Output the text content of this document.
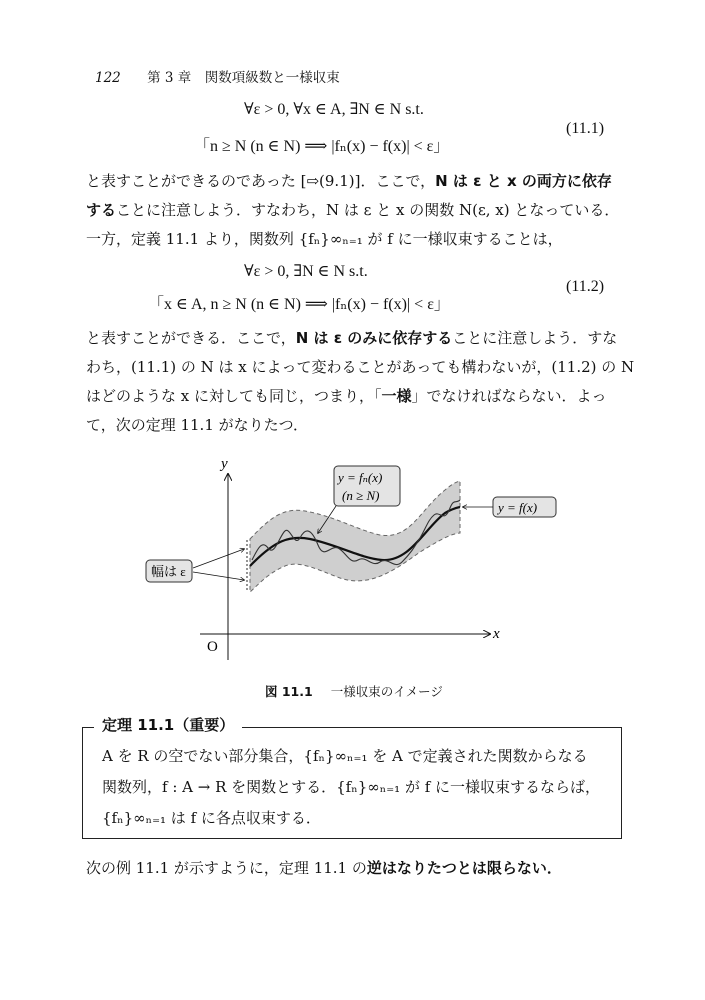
122 第 3 章　関数項級数と一様収束
∀ε > 0, ∀x ∈ A, ∃N ∈ N s.t.
「n ≥ N (n ∈ N) ⟹ |fₙ(x) − f(x)| < ε」
(11.1)

と表すことができるのであった [⇨(9.1)]．ここで，N は ε と x の両方に依存

することに注意しよう．すなわち，N は ε と x の関数 N(ε, x) となっている．

一方，定義 11.1 より，関数列 {fₙ}∞ₙ₌₁ が f に一様収束することは，

∀ε > 0, ∃N ∈ N s.t.
「x ∈ A, n ≥ N (n ∈ N) ⟹ |fₙ(x) − f(x)| < ε」
(11.2)

と表すことができる．ここで，N は ε のみに依存することに注意しよう．すな

わち，(11.1) の N は x によって変わることがあっても構わないが，(11.2) の N

はどのような x に対しても同じ，つまり，「一様」でなければならない．よっ

て，次の定理 11.1 がなりたつ．

y
x
O
幅は ε
y = fₙ(x)
(n ≥ N)
y = f(x)
図 11.1 一様収束のイメージ
定理 11.1（重要）

A を R の空でない部分集合，{fₙ}∞ₙ₌₁ を A で定義された関数からなる

関数列，f : A → R を関数とする．{fₙ}∞ₙ₌₁ が f に一様収束するならば，

{fₙ}∞ₙ₌₁ は f に各点収束する．

次の例 11.1 が示すように，定理 11.1 の逆はなりたつとは限らない．
